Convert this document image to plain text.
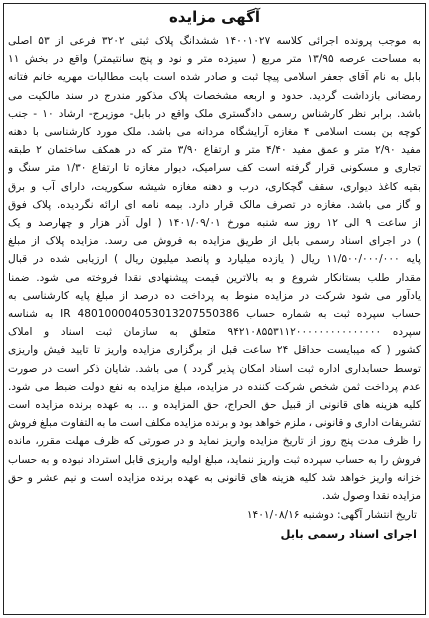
آگهی مزایده
به موجب پرونده اجرائی کلاسه ۱۴۰۰۱۰۲۷ ششدانگ پلاک ثبتی ۳۲۰۲ فرعی از ۵۳ اصلی
به مساحت عرصه ۱۳/۹۵ متر مربع ( سیزده متر و نود و پنج سانتیمتر) واقع در بخش ۱۱
بابل به نام آقای جعفر اسلامی پیچا ثبت و صادر شده است بابت مطالبات مهریه خانم فتانه
رمضانی بازداشت گردید. حدود و اربعه مشخصات پلاک مذکور مندرج در سند مالکیت می
باشد. برابر نظر کارشناس رسمی دادگستری ملک واقع در بابل- موزیرج- ارشاد ۱۰ - جنب
کوچه بن بست اسلامی ۴ مغازه آرایشگاه مردانه می باشد. ملک مورد کارشناسی با دهنه
مفید ۲/۹۰ متر و عمق مفید ۴/۴۰ متر و ارتفاع ۳/۹۰ متر که در همکف ساختمان ۲ طبقه
تجاری و مسکونی قرار گرفته است کف سرامیک، دیوار مغازه تا ارتفاع ۱/۳۰ متر سنگ و
بقیه کاغذ دیواری، سقف گچکاری، درب و دهنه مغازه شیشه سکوریت، دارای آب و برق
و گاز می باشد. مغازه در تصرف مالک قرار دارد. بیمه نامه ای ارائه نگردیده. پلاک فوق
از ساعت ۹ الی ۱۲ روز سه شنبه مورخ ۱۴۰۱/۰۹/۰۱ ( اول آذر هزار و چهارصد و یک
) در اجرای اسناد رسمی بابل از طریق مزایده به فروش می رسد. مزایده پلاک از مبلغ
پایه ۱۱/۵۰۰/۰۰۰/۰۰۰ ریال ( یازده میلیارد و پانصد میلیون ریال ) ارزیابی شده در قبال
مقدار طلب بستانکار شروع و به بالاترین قیمت پیشنهادی نقدا فروخته می شود. ضمنا
یادآور می شود شرکت در مزایده منوط به پرداخت ده درصد از مبلغ پایه کارشناسی به
حساب سپرده ثبت به شماره حساب IR 480100004053013207550386 به شناسه
سپرده ۹۴۲۱۰۸۵۵۳۱۱۲۰۰۰۰۰۰۰۰۰۰۰۰۰۰۰ متعلق به سازمان ثبت اسناد و املاک
کشور ( که میبایست حداقل ۲۴ ساعت قبل از برگزاری مزایده واریز تا تایید فیش واریزی
توسط حسابداری اداره ثبت اسناد امکان پذیر گردد ) می باشد. شایان ذکر است در صورت
عدم پرداخت ثمن شخص شرکت کننده در مزایده، مبلغ مزایده به نفع دولت ضبط می شود.
کلیه هزینه های قانونی از قبیل حق الحراج، حق المزایده و ... به عهده برنده مزایده است
تشریفات اداری و قانونی ، ملزم خواهد بود و برنده مزایده مکلف است ما به التفاوت مبلغ فروش
را ظرف مدت پنج روز از تاریخ مزایده واریز نماید و در صورتی که ظرف مهلت مقرر، مانده
فروش را به حساب سپرده ثبت واریز ننماید، مبلغ اولیه واریزی قابل استرداد نبوده و به حساب
خزانه واریز خواهد شد کلیه هزینه های قانونی به عهده برنده مزایده است و نیم عشر و حق
مزایده نقدا وصول شد.
تاریخ انتشار آگهی: دوشنبه ۱۴۰۱/۰۸/۱۶
اجرای اسناد رسمی بابل
